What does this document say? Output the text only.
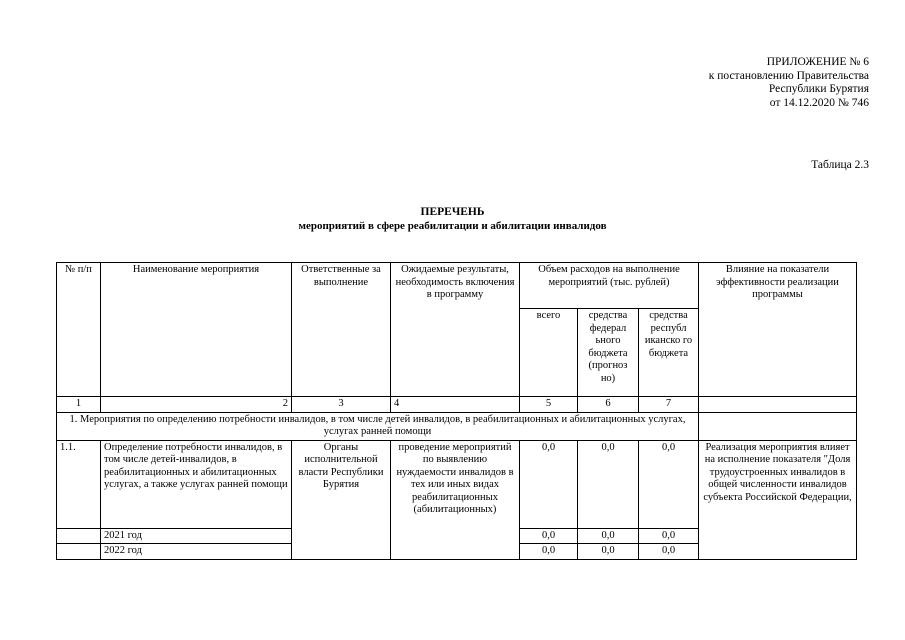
ПРИЛОЖЕНИЕ № 6
к постановлению Правительства
Республики Бурятия
от 14.12.2020 № 746
Таблица 2.3
ПЕРЕЧЕНЬ
мероприятий в сфере реабилитации и абилитации инвалидов
№ п/п	Наименование мероприятия	Ответственные за выполнение	Ожидаемые результаты, необходимость включения в программу	Объем расходов на выполнение мероприятий (тыс. рублей)			Влияние на показатели эффективности реализации программы
				всего	средства федерал ьного бюджета (прогноз но)	средства республ иканско го бюджета	
1	2	3	4	5	6	7	
1. Мероприятия по определению потребности инвалидов, в том числе детей инвалидов, в реабилитационных и абилитационных услугах, услугах ранней помощи							
1.1.	Определение потребности инвалидов, в том числе детей-инвалидов, в реабилитационных и абилитационных услугах, а также услугах ранней помощи	Органы исполнительной власти Республики Бурятия	проведение мероприятий по выявлению нуждаемости инвалидов в тех или иных видах реабилитационных (абилитационных)	0,0	0,0	0,0	Реализация мероприятия влияет на исполнение показателя "Доля трудоустроенных инвалидов в общей численности инвалидов субъекта Российской Федерации,
	2021 год			0,0	0,0	0,0	
	2022 год			0,0	0,0	0,0	
